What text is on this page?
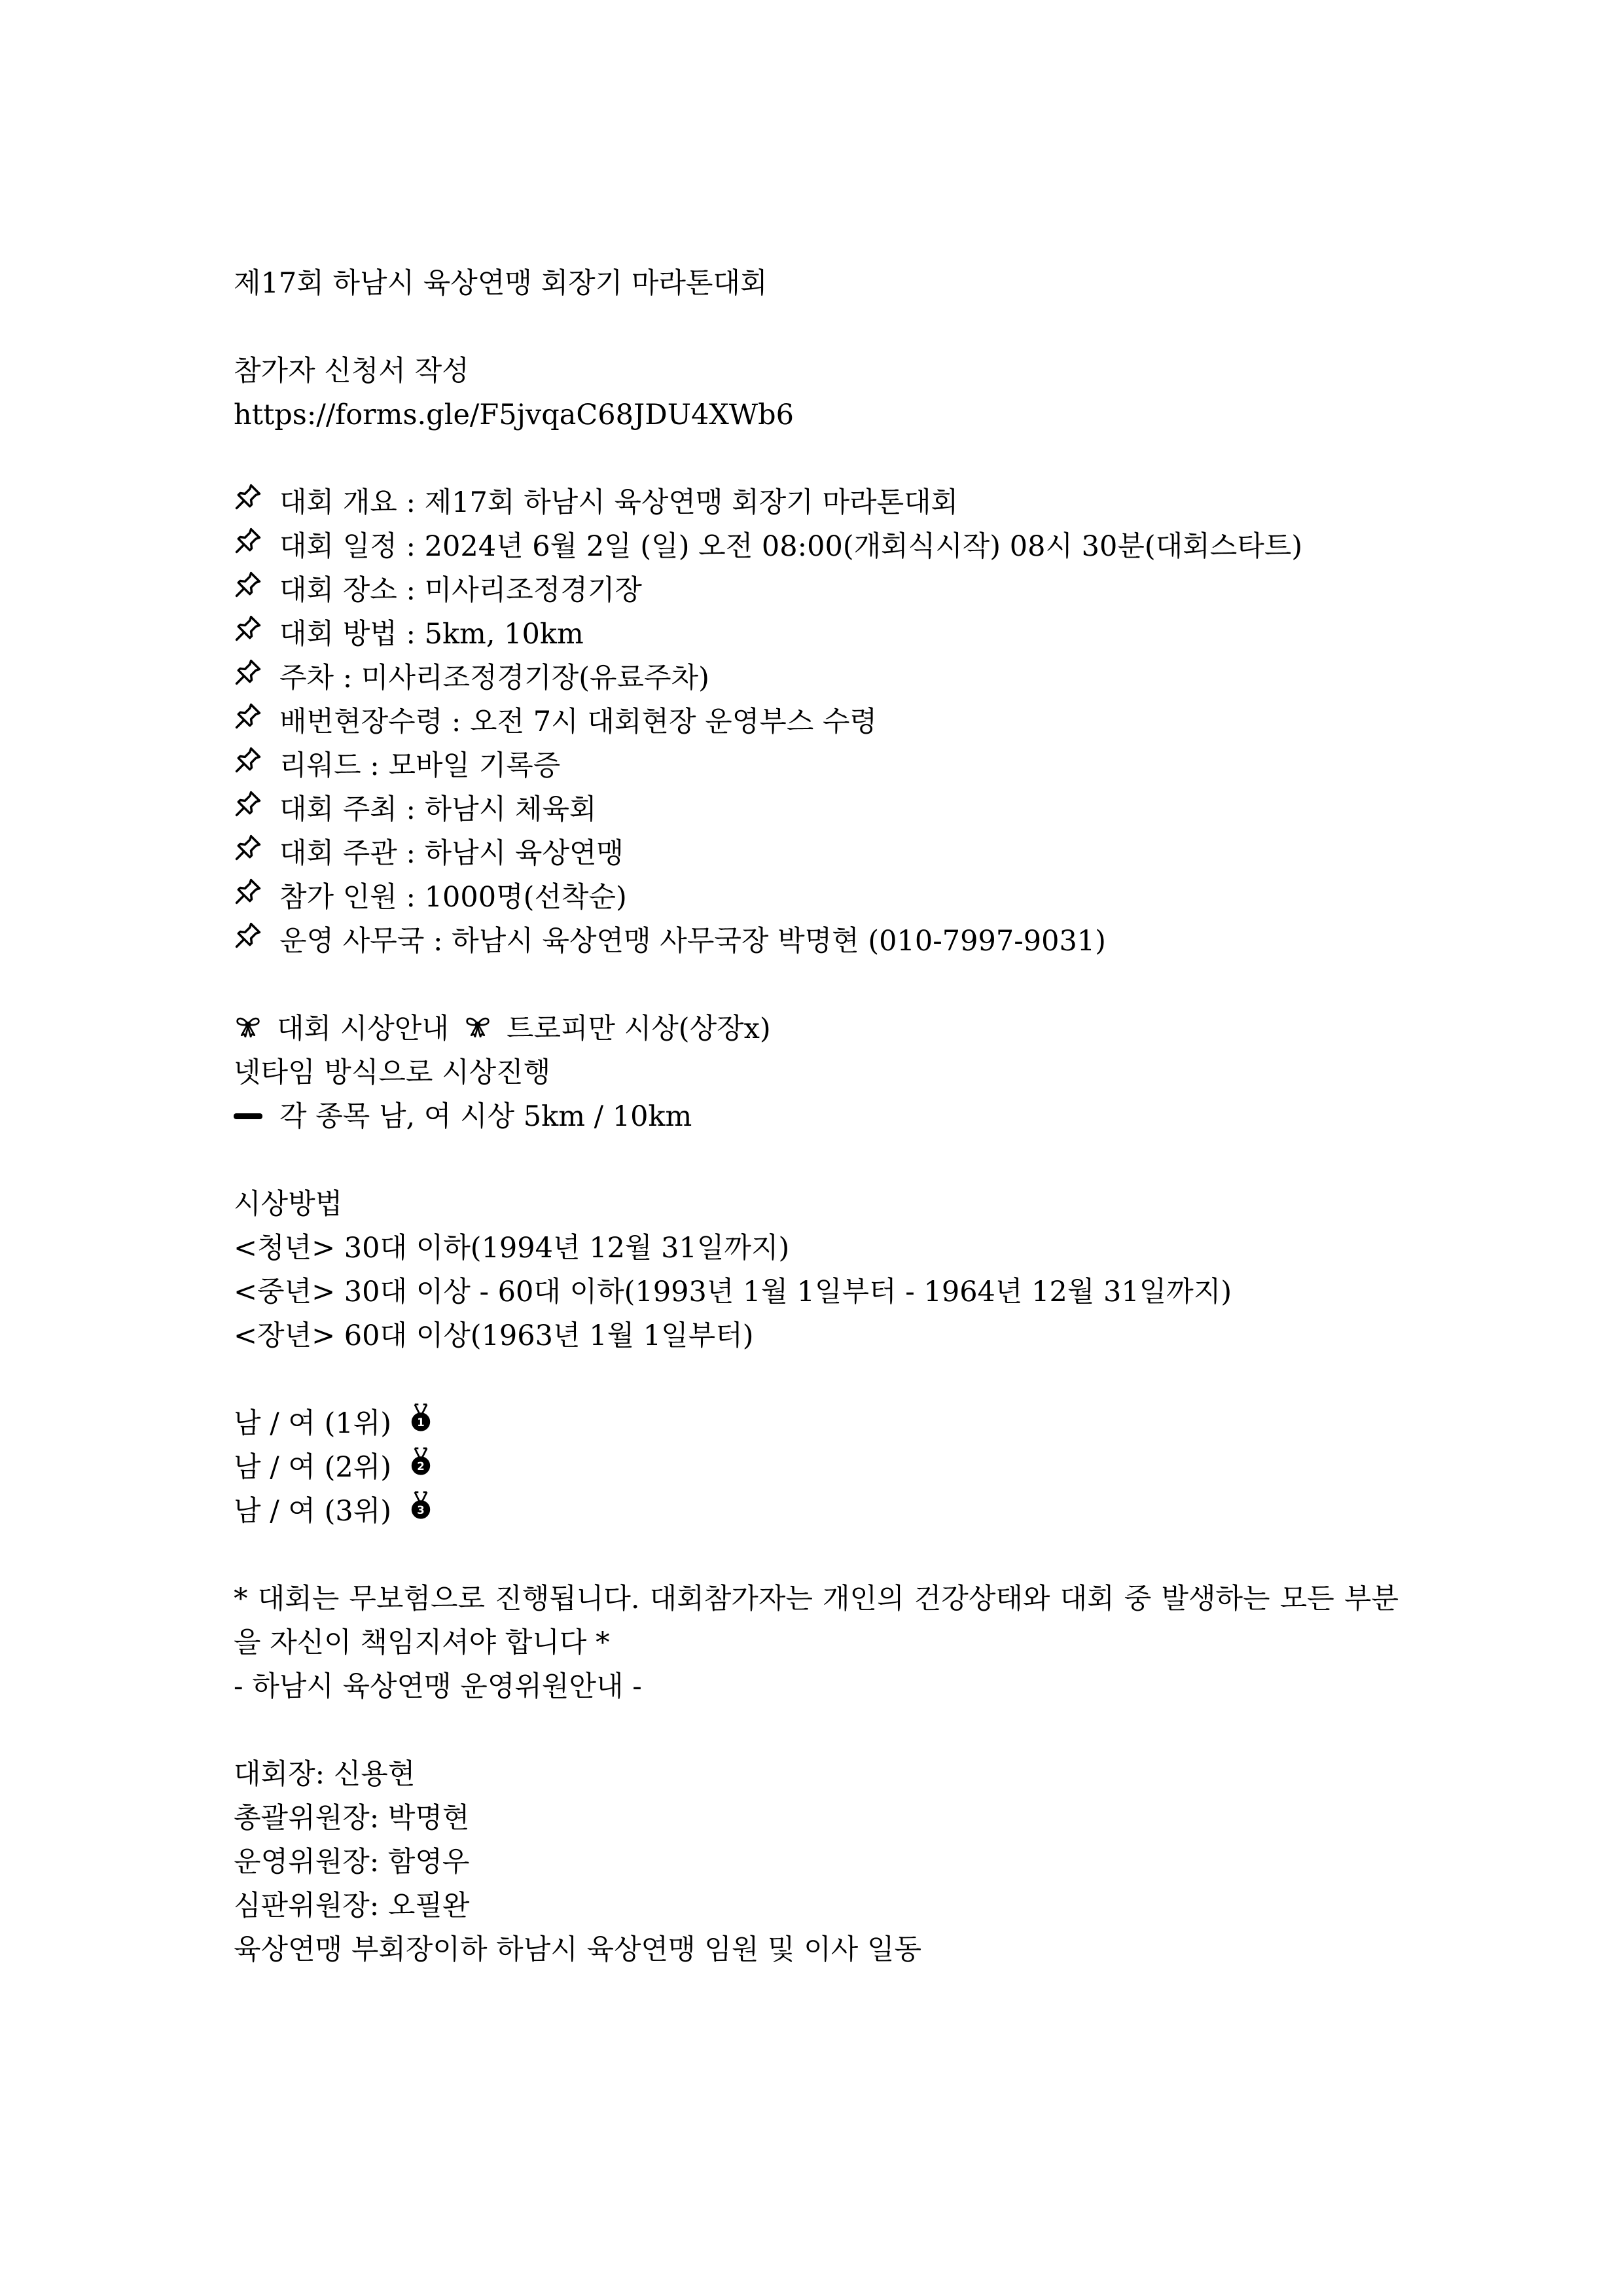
제17회 하남시 육상연맹 회장기 마라톤대회
참가자 신청서 작성
https://forms.gle/F5jvqaC68JDU4XWb6
대회 개요 : 제17회 하남시 육상연맹 회장기 마라톤대회
대회 일정 : 2024년 6월 2일 (일) 오전 08:00(개회식시작) 08시 30분(대회스타트)
대회 장소 : 미사리조정경기장
대회 방법 : 5km, 10km
주차 : 미사리조정경기장(유료주차)
배번현장수령 : 오전 7시 대회현장 운영부스 수령
리워드 : 모바일 기록증
대회 주최 : 하남시 체육회
대회 주관 : 하남시 육상연맹
참가 인원 : 1000명(선착순)
운영 사무국 : 하남시 육상연맹 사무국장 박명현 (010-7997-9031)
대회 시상안내 트로피만 시상(상장x)
넷타임 방식으로 시상진행
각 종목 남, 여 시상 5km / 10km
시상방법
<청년> 30대 이하(1994년 12월 31일까지)
<중년> 30대 이상 - 60대 이하(1993년 1월 1일부터 - 1964년 12월 31일까지)
<장년> 60대 이상(1963년 1월 1일부터)
남 / 여 (1위)	1
남 / 여 (2위)	2
남 / 여 (3위)	3
* 대회는 무보험으로 진행됩니다. 대회참가자는 개인의 건강상태와 대회 중 발생하는 모든 부분을 자신이 책임지셔야 합니다 *
- 하남시 육상연맹 운영위원안내 -
대회장: 신용현
총괄위원장: 박명현
운영위원장: 함영우
심판위원장: 오필완
육상연맹 부회장이하 하남시 육상연맹 임원 및 이사 일동
